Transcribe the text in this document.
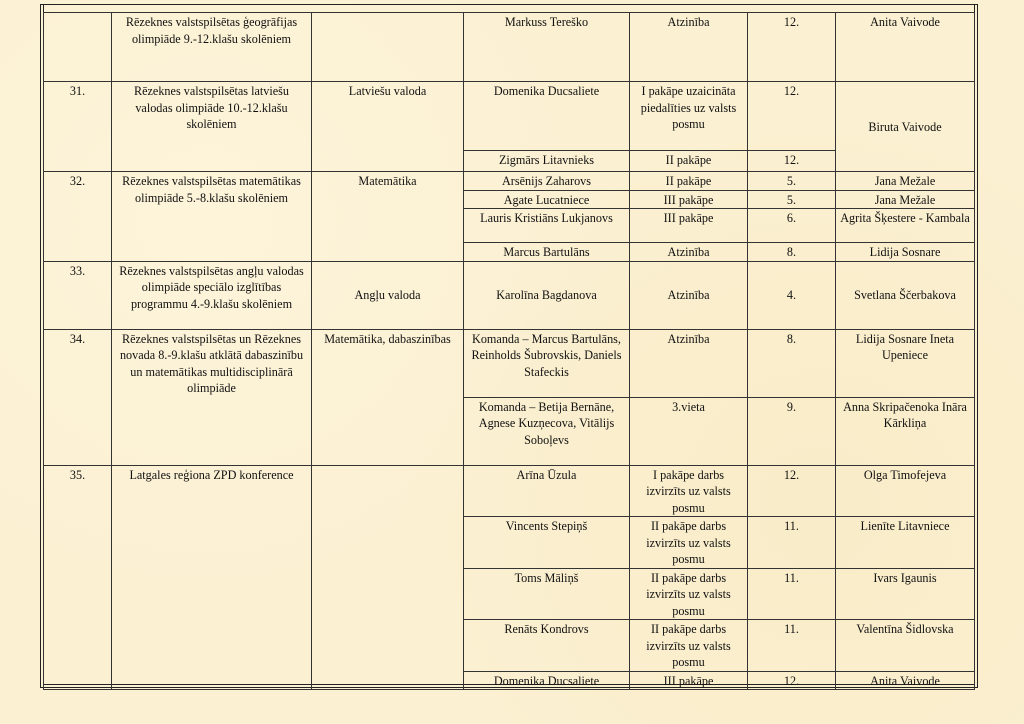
	Rēzeknes valstspilsētas ģeogrāfijas olimpiāde 9.-12.klašu skolēniem		Markuss Tereško	Atzinība	12.	Anita Vaivode
31.	Rēzeknes valstspilsētas latviešu valodas olimpiāde 10.-12.klašu skolēniem	Latviešu valoda	Domenika Ducsaliete	I pakāpe uzaicināta piedalīties uz valsts posmu	12.	Biruta Vaivode
			Zigmārs Litavnieks	II pakāpe	12.	
32.	Rēzeknes valstspilsētas matemātikas olimpiāde 5.-8.klašu skolēniem	Matemātika	Arsēnijs Zaharovs	II pakāpe	5.	Jana Mežale
			Agate Lucatniece	III pakāpe	5.	Jana Mežale
			Lauris Kristiāns Lukjanovs	III pakāpe	6.	Agrita Šķestere - Kambala
			Marcus Bartulāns	Atzinība	8.	Lidija Sosnare
33.	Rēzeknes valstspilsētas angļu valodas olimpiāde speciālo izglītības programmu 4.-9.klašu skolēniem	Angļu valoda	Karolīna Bagdanova	Atzinība	4.	Svetlana Ščerbakova
34.	Rēzeknes valstspilsētas un Rēzeknes novada 8.-9.klašu atklātā dabaszinību un matemātikas multidisciplinārā olimpiāde	Matemātika, dabaszinības	Komanda – Marcus Bartulāns, Reinholds Šubrovskis, Daniels Stafeckis	Atzinība	8.	Lidija Sosnare Ineta Upeniece
			Komanda – Betija Bernāne, Agnese Kuzņecova, Vitālijs Soboļevs	3.vieta	9.	Anna Skripačenoka Ināra Kārkliņa
35.	Latgales reģiona ZPD konference		Arīna Ūzula	I pakāpe darbs izvirzīts uz valsts posmu	12.	Olga Timofejeva
			Vincents Stepiņš	II pakāpe darbs izvirzīts uz valsts posmu	11.	Lienīte Litavniece
			Toms Māliņš	II pakāpe darbs izvirzīts uz valsts posmu	11.	Ivars Igaunis
			Renāts Kondrovs	II pakāpe darbs izvirzīts uz valsts posmu	11.	Valentīna Šidlovska
			Domenika Ducsaliete	III pakāpe	12.	Anita Vaivode
